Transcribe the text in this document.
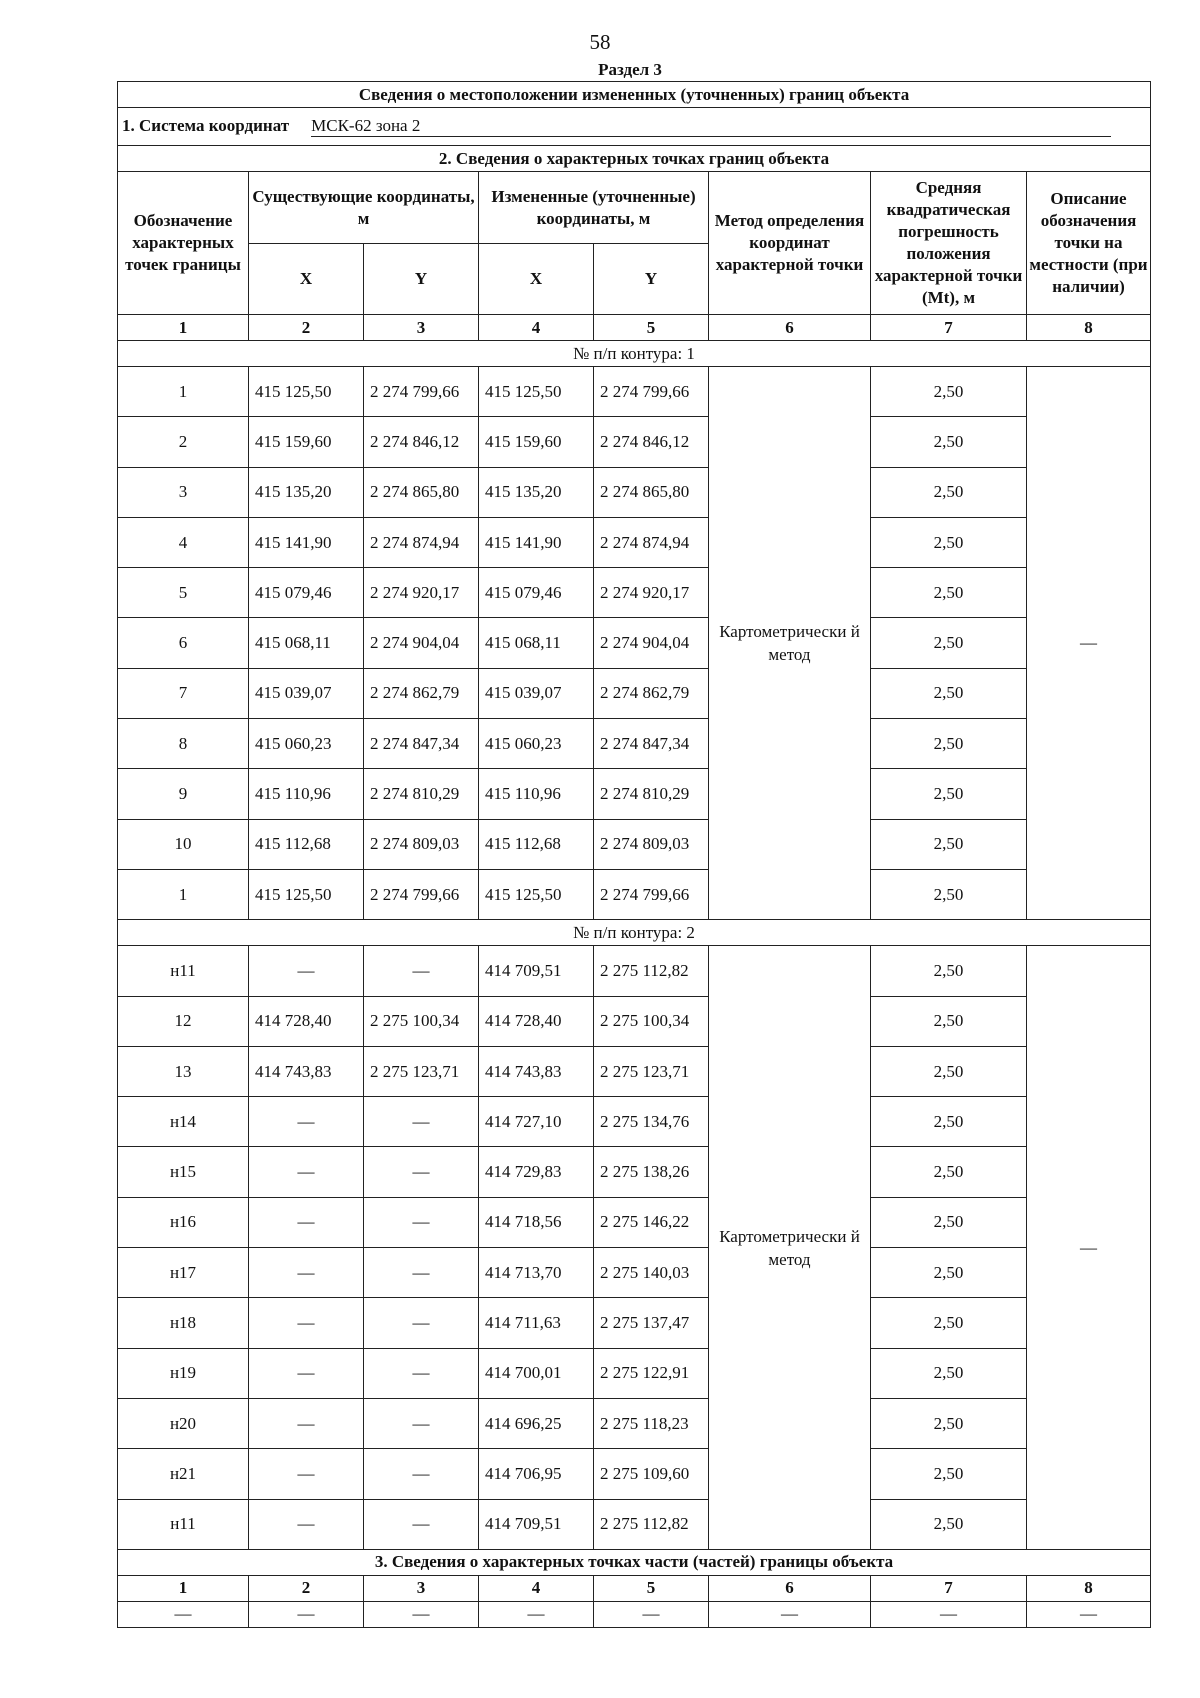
58
Раздел 3
Сведения о местоположении измененных (уточненных) границ объекта							
1. Система координат МСК-62 зона 2							
2. Сведения о характерных точках границ объекта							
Обозначение характерных точек границы	Существующие координаты, м		Измененные (уточненные) координаты, м		Метод определения координат характерной точки	Средняя квадратическая погрешность положения характерной точки (Mt), м	Описание обозначения точки на местности (при наличии)
	X	Y	X	Y			
1	2	3	4	5	6	7	8
№ п/п контура: 1							
1	415 125,50	2 274 799,66	415 125,50	2 274 799,66	Картометрически й метод	2,50	—
2	415 159,60	2 274 846,12	415 159,60	2 274 846,12		2,50	
3	415 135,20	2 274 865,80	415 135,20	2 274 865,80		2,50	
4	415 141,90	2 274 874,94	415 141,90	2 274 874,94		2,50	
5	415 079,46	2 274 920,17	415 079,46	2 274 920,17		2,50	
6	415 068,11	2 274 904,04	415 068,11	2 274 904,04		2,50	
7	415 039,07	2 274 862,79	415 039,07	2 274 862,79		2,50	
8	415 060,23	2 274 847,34	415 060,23	2 274 847,34		2,50	
9	415 110,96	2 274 810,29	415 110,96	2 274 810,29		2,50	
10	415 112,68	2 274 809,03	415 112,68	2 274 809,03		2,50	
1	415 125,50	2 274 799,66	415 125,50	2 274 799,66		2,50	
№ п/п контура: 2							
н11	—	—	414 709,51	2 275 112,82	Картометрически й метод	2,50	—
12	414 728,40	2 275 100,34	414 728,40	2 275 100,34		2,50	
13	414 743,83	2 275 123,71	414 743,83	2 275 123,71		2,50	
н14	—	—	414 727,10	2 275 134,76		2,50	
н15	—	—	414 729,83	2 275 138,26		2,50	
н16	—	—	414 718,56	2 275 146,22		2,50	
н17	—	—	414 713,70	2 275 140,03		2,50	
н18	—	—	414 711,63	2 275 137,47		2,50	
н19	—	—	414 700,01	2 275 122,91		2,50	
н20	—	—	414 696,25	2 275 118,23		2,50	
н21	—	—	414 706,95	2 275 109,60		2,50	
н11	—	—	414 709,51	2 275 112,82		2,50	
3. Сведения о характерных точках части (частей) границы объекта							
1	2	3	4	5	6	7	8
—	—	—	—	—	—	—	—
